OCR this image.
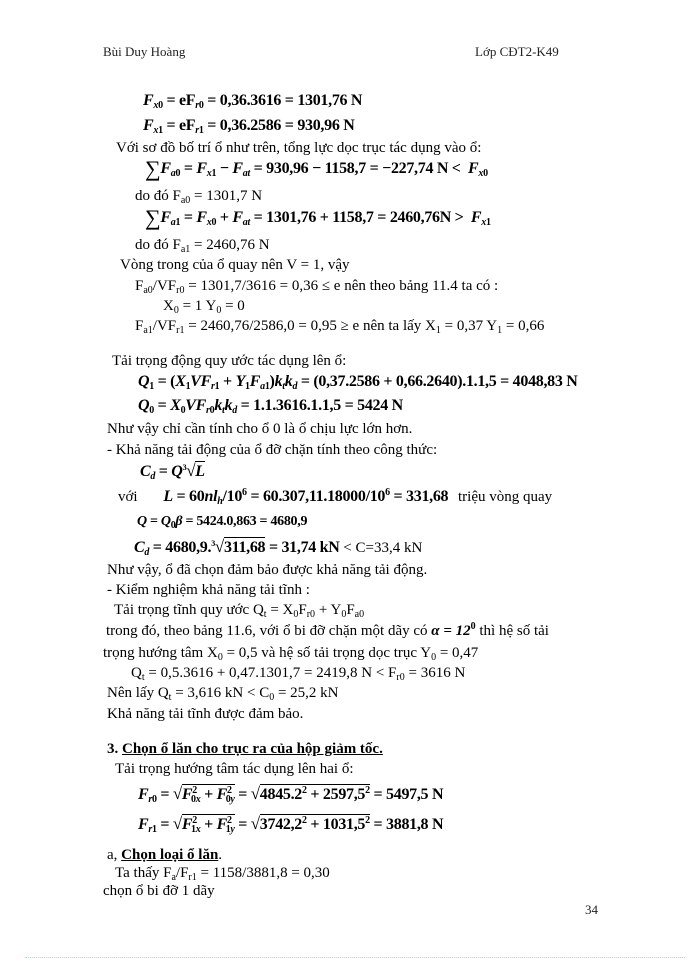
Bùi Duy Hoàng	Lớp CĐT2-K49
$F_{x0} = eF_{r0} = 0,36.3616 = 1301,76$ N
$F_{x1} = eF_{r1} = 0,36.2586 = 930,96$ N
Với sơ đồ bố trí ổ như trên, tổng lực dọc trục tác dụng vào ổ:
$\sum F_{a0} = F_{x1} - F_{at} = 930,96 - 1158,7 = -227,74$ $N < F_{x0}$
do đó $F_{a0} = 1301,7$ N
$\sum F_{a1} = F_{x0} + F_{at} = 1301,76 + 1158,7 = 2460,76N > F_{x1}$
do đó $F_{a1} = 2460,76$ N
Vòng trong của ổ quay nên V = 1, vậy
$F_{a0}/VF_{r0} = 1301,7/3616 = 0,36 \le e$ nên theo bảng 11.4 ta có :
$X_0 = 1$ $Y_0 = 0$
$F_{a1}/VF_{r1} = 2460,76/2586,0 = 0,95 \ge e$ nên ta lấy $X_1 = 0,37$ $Y_1 = 0,66$
Tải trọng động quy ước tác dụng lên ổ:
$Q_1 = (X_1VF_{r1} + Y_1F_{a1})k_tk_d = (0,37.2586 + 0,66.2640).1.1,5 = 4048,83$ N
$Q_0 = X_0VF_{r0}k_tk_d = 1.1.3616.1.1,5 = 5424$ N
Như vậy chỉ cần tính cho ổ 0 là ổ chịu lực lớn hơn.
- Khả năng tải động của ổ đỡ chặn tính theo công thức:
$C_d = Q^3√L$
với $L = 60nl_h/10^6 = 60.307,11.18000/10^6 = 331,68$ triệu vòng quay
$Q = Q_0\beta = 5424.0,863 = 4680,9$
$C_d = 4680,9.^3√311,68 = 31,74$ kN < C=33,4 kN
Như vậy, ổ đã chọn đảm bảo được khả năng tải động.
- Kiểm nghiệm khả năng tải tĩnh :
Tải trọng tĩnh quy ước $Q_t = X_0F_{r0} + Y_0F_{a0}$
trong đó, theo bảng 11.6, với ổ bi đỡ chặn một dãy có $\alpha = 12^0$ thì hệ số tải
trọng hướng tâm $X_0 = 0,5$ và hệ số tải trọng dọc trục $Y_0 = 0,47$
$Q_t = 0,5.3616 + 0,47.1301,7 = 2419,8$ $N < F_{r0} = 3616$ N
Nên lấy $Q_t = 3,616$ kN < $C_0 = 25,2$ kN
Khả năng tải tĩnh được đảm bảo.
3. Chọn ổ lăn cho trục ra của hộp giảm tốc.
Tải trọng hướng tâm tác dụng lên hai ổ:
$F_{r0} = √F^2_{0x} + F^2_{0y} = √4845.2^2 + 2597,5^2 = 5497,5$ N
$F_{r1} = √F^2_{1x} + F^2_{1y} = √3742,2^2 + 1031,5^2 = 3881,8$ N
a, Chọn loại ổ lăn.
Ta thấy $F_a/F_{r1} = 1158/3881,8 = 0,30$
chọn ổ bi đỡ 1 dãy
34
